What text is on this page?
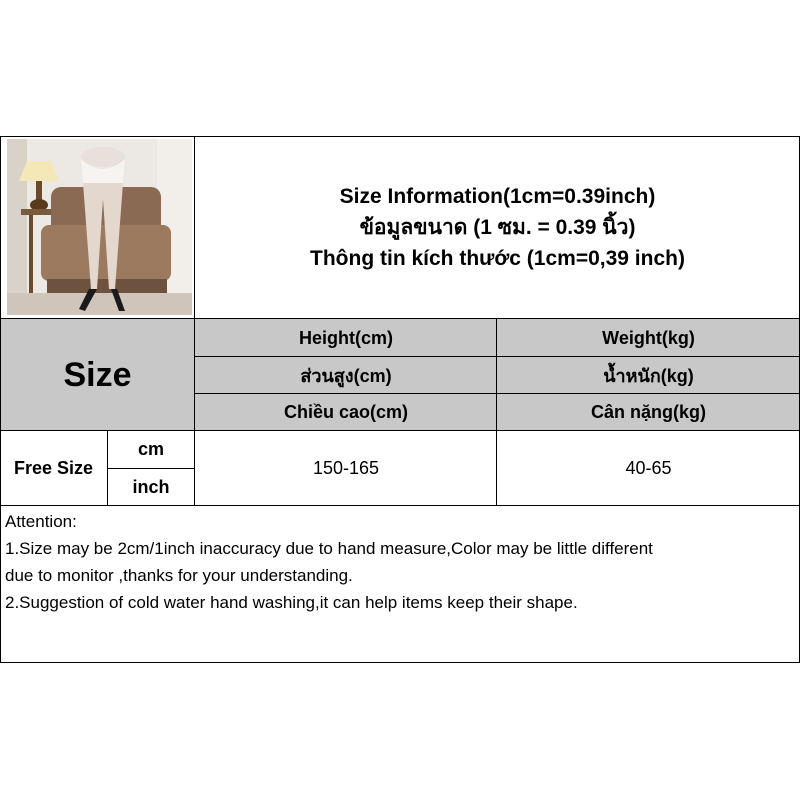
Size Information(1cm=0.39inch)
ข้อมูลขนาด (1 ซม. = 0.39 นิ้ว)
Thông tin kích thước (1cm=0,39 inch)
Size
Height(cm)
ส่วนสูง(cm)
Chiều cao(cm)
Weight(kg)
น้ำหนัก(kg)
Cân nặng(kg)
Free Size
cm
inch
150-165	40-65
Attention:
1.Size may be 2cm/1inch inaccuracy due to hand measure,Color may be little different
due to monitor ,thanks for your understanding.
2.Suggestion of cold water hand washing,it can help items keep their shape.
